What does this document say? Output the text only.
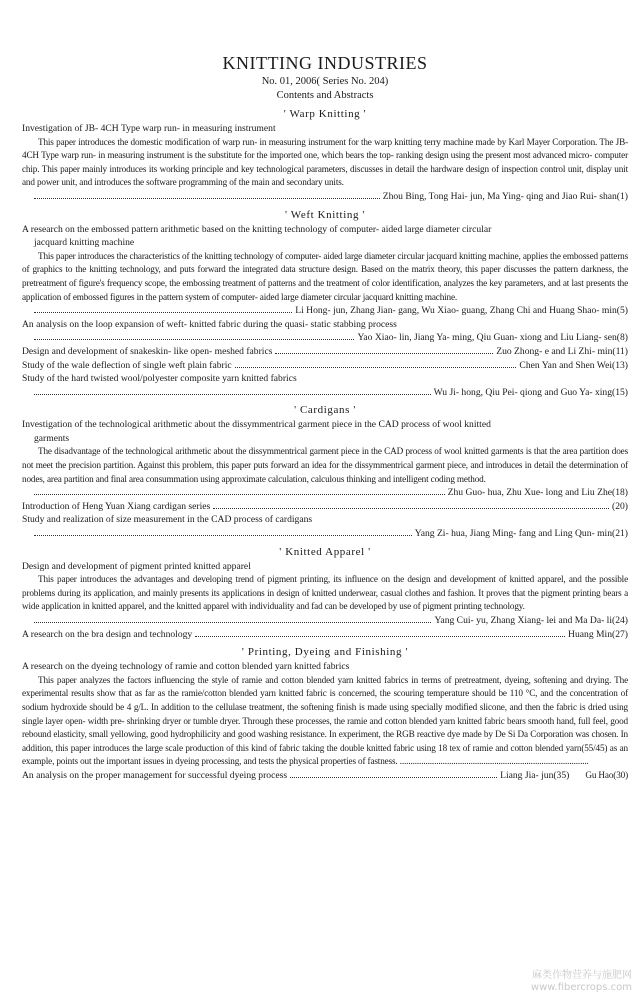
KNITTING INDUSTRIES
No. 01, 2006( Series No. 204)
Contents and Abstracts
' Warp Knitting '
Investigation of JB- 4CH Type warp run- in measuring instrument
This paper introduces the domestic modification of warp run- in measuring instrument for the warp knitting terry machine made by Karl Mayer Corporation. The JB- 4CH Type warp run- in measuring instrument is the substitute for the imported one, which bears the top- ranking design using the present most advanced micro- computer chip. This paper mainly introduces its working principle and key technological parameters, discusses in detail the hardware design of inspection control unit, display unit and power unit, and introduces the software programming of the main and secondary units.
Zhou Bing, Tong Hai- jun, Ma Ying- qing and Jiao Rui- shan(1)
' Weft Knitting '
A research on the embossed pattern arithmetic based on the knitting technology of computer- aided large diameter circular
jacquard knitting machine
This paper introduces the characteristics of the knitting technology of computer- aided large diameter circular jacquard knitting machine, applies the embossed patterns of graphics to the knitting technology, and puts forward the integrated data structure design. Based on the matrix theory, this paper discusses the pattern darkness, the pretreatment of figure's frequency scope, the embossing treatment of patterns and the treatment of color identification, analyzes the key parameters, and at last presents the application of embossed figures in the pattern system of computer- aided large diameter circular jacquard knitting machine.
Li Hong- jun, Zhang Jian- gang, Wu Xiao- guang, Zhang Chi and Huang Shao- min(5)
An analysis on the loop expansion of weft- knitted fabric during the quasi- static stabbing process
Yao Xiao- lin, Jiang Ya- ming, Qiu Guan- xiong and Liu Liang- sen(8)
Design and development of snakeskin- like open- meshed fabrics	Zuo Zhong- e and Li Zhi- min(11)
Study of the wale deflection of single weft plain fabric	Chen Yan and Shen Wei(13)
Study of the hard twisted wool/polyester composite yarn knitted fabrics
Wu Ji- hong, Qiu Pei- qiong and Guo Ya- xing(15)
' Cardigans '
Investigation of the technological arithmetic about the dissymmentrical garment piece in the CAD process of wool knitted
garments
The disadvantage of the technological arithmetic about the dissymmentrical garment piece in the CAD process of wool knitted garments is that the area partition does not meet the precision partition. Against this problem, this paper puts forward an idea for the dissymmentrical garment piece, and introduces in detail the determination of nodes, area partition and final area consummation using approximate calculation, calculous thinking and intelligent coding method.
Zhu Guo- hua, Zhu Xue- long and Liu Zhe(18)
Introduction of Heng Yuan Xiang cardigan series	(20)
Study and realization of size measurement in the CAD process of cardigans
Yang Zi- hua, Jiang Ming- fang and Ling Qun- min(21)
' Knitted Apparel '
Design and development of pigment printed knitted apparel
This paper introduces the advantages and developing trend of pigment printing, its influence on the design and development of knitted apparel, and the possible problems during its application, and mainly presents its applications in design of knitted underwear, casual clothes and fashion. It proves that the pigment printing bears a wide application in knitted apparel, and the knitted apparel with individuality and fad can be developed by use of pigment printing technology.
Yang Cui- yu, Zhang Xiang- lei and Ma Da- li(24)
A research on the bra design and technology	Huang Min(27)
' Printing, Dyeing and Finishing '
A research on the dyeing technology of ramie and cotton blended yarn knitted fabrics
This paper analyzes the factors influencing the style of ramie and cotton blended yarn knitted fabrics in terms of pretreatment, dyeing, softening and drying. The experimental results show that as far as the ramie/cotton blended yarn knitted fabric is concerned, the scouring temperature should be 110 °C, and the concentration of sodium hydroxide should be 4 g/L. In addition to the cellulase treatment, the softening finish is made using specially modified slicone, and then the fabric is dried using single layer open- width pre- shrinking dryer or tumble dryer. Through these processes, the ramie and cotton blended yarn knitted fabric bears smooth hand, full feel, good rebound elasticity, small yellowing, good hydrophilicity and good washing resistance. In experiment, the RGB reactive dye made by De Si Da Corporation was chosen. In addition, this paper introduces the large scale production of this kind of fabric taking the double knitted fabric using 18 tex of ramie and cotton blended yarn(55/45) as an example, points out the important issues in dyeing processing, and tests the physical properties of fastness. ........................................................................................
Gu Hao(30)
An analysis on the proper management for successful dyeing process	Liang Jia- jun(35)
麻类作物营养与施肥网
www.fibercrops.com
